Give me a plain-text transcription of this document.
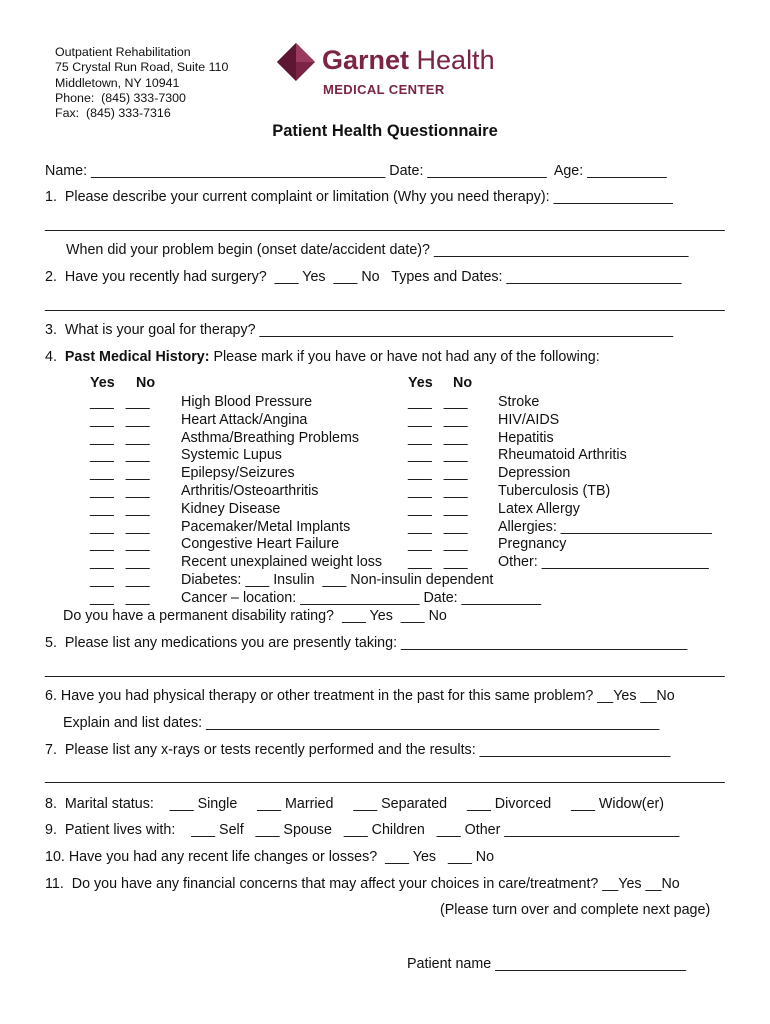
Outpatient Rehabilitation
75 Crystal Run Road, Suite 110
Middletown, NY 10941
Phone:  (845) 333-7300
Fax:  (845) 333-7316
Garnet Health
MEDICAL CENTER
Patient Health Questionnaire
Name: _____________________________________ Date: _______________  Age: __________
1.  Please describe your current complaint or limitation (Why you need therapy): _______________
________________________________________________________________________________________
When did your problem begin (onset date/accident date)? ________________________________
2.  Have you recently had surgery?  ___ Yes  ___ No   Types and Dates: ______________________
________________________________________________________________________________________
3.  What is your goal for therapy? ____________________________________________________
4. Past Medical History: Please mark if you have or have not had any of the following:
Yes No	Yes No
___   ___
___   ___
___   ___
___   ___
___   ___
___   ___
___   ___
___   ___
___   ___
___   ___
___   ___
___   ___
High Blood Pressure
Heart Attack/Angina
Asthma/Breathing Problems
Systemic Lupus
Epilepsy/Seizures
Arthritis/Osteoarthritis
Kidney Disease
Pacemaker/Metal Implants
Congestive Heart Failure
Recent unexplained weight loss
Diabetes: ___ Insulin  ___ Non-insulin dependent
Cancer – location: _______________ Date: __________
___   ___
___   ___
___   ___
___   ___
___   ___
___   ___
___   ___
___   ___
___   ___
___   ___
Stroke
HIV/AIDS
Hepatitis
Rheumatoid Arthritis
Depression
Tuberculosis (TB)
Latex Allergy
Allergies: ___________________
Pregnancy
Other: _____________________
Do you have a permanent disability rating?  ___ Yes  ___ No
5.  Please list any medications you are presently taking: ____________________________________
________________________________________________________________________________________
6. Have you had physical therapy or other treatment in the past for this same problem? __Yes __No
Explain and list dates: _________________________________________________________
7.  Please list any x-rays or tests recently performed and the results: ________________________
________________________________________________________________________________________
8.  Marital status:    ___ Single     ___ Married     ___ Separated     ___ Divorced     ___ Widow(er)
9.  Patient lives with:    ___ Self   ___ Spouse   ___ Children   ___ Other ______________________
10. Have you had any recent life changes or losses?  ___ Yes   ___ No
11.  Do you have any financial concerns that may affect your choices in care/treatment? __Yes __No
(Please turn over and complete next page)
Patient name ________________________
